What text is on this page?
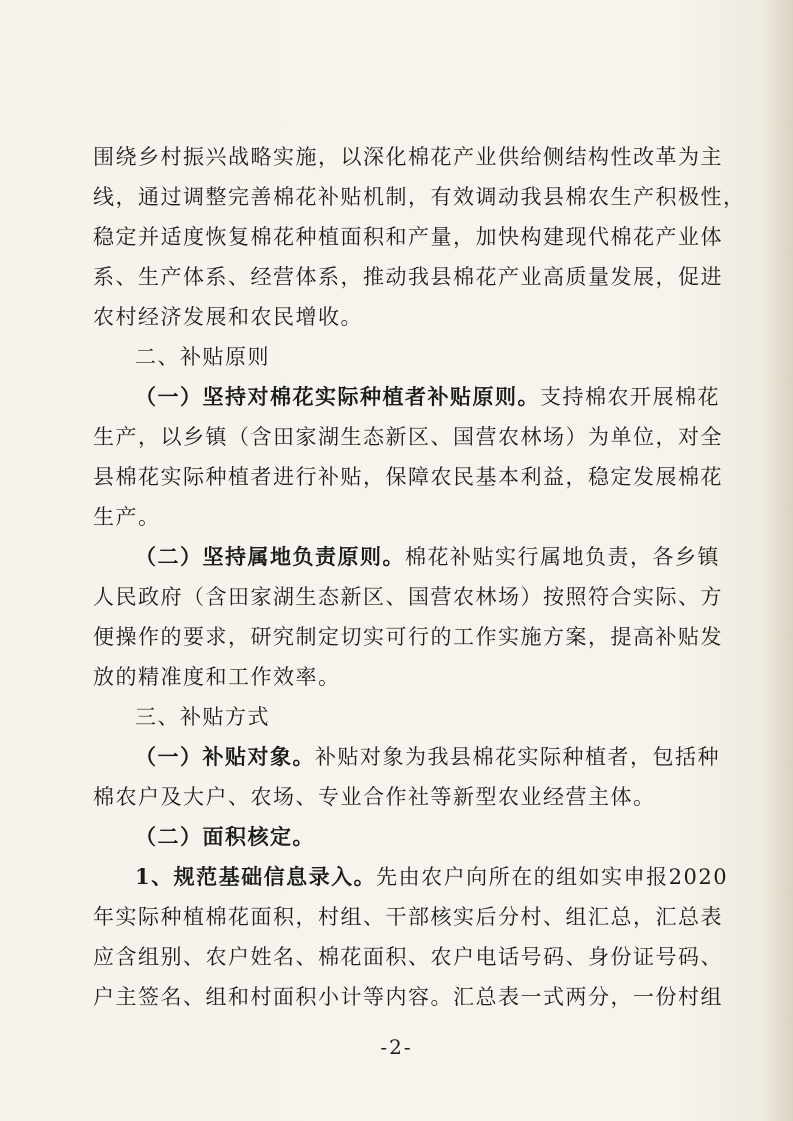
围绕乡村振兴战略实施，以深化棉花产业供给侧结构性改革为主
线，通过调整完善棉花补贴机制，有效调动我县棉农生产积极性，
稳定并适度恢复棉花种植面积和产量，加快构建现代棉花产业体
系、生产体系、经营体系，推动我县棉花产业高质量发展，促进
农村经济发展和农民增收。
二、补贴原则
（一）坚持对棉花实际种植者补贴原则。支持棉农开展棉花
生产，以乡镇（含田家湖生态新区、国营农林场）为单位，对全
县棉花实际种植者进行补贴，保障农民基本利益，稳定发展棉花
生产。
（二）坚持属地负责原则。棉花补贴实行属地负责，各乡镇
人民政府（含田家湖生态新区、国营农林场）按照符合实际、方
便操作的要求，研究制定切实可行的工作实施方案，提高补贴发
放的精准度和工作效率。
三、补贴方式
（一）补贴对象。补贴对象为我县棉花实际种植者，包括种
棉农户及大户、农场、专业合作社等新型农业经营主体。
（二）面积核定。
1、规范基础信息录入。先由农户向所在的组如实申报2020
年实际种植棉花面积，村组、干部核实后分村、组汇总，汇总表
应含组别、农户姓名、棉花面积、农户电话号码、身份证号码、
户主签名、组和村面积小计等内容。汇总表一式两分，一份村组
-2-
